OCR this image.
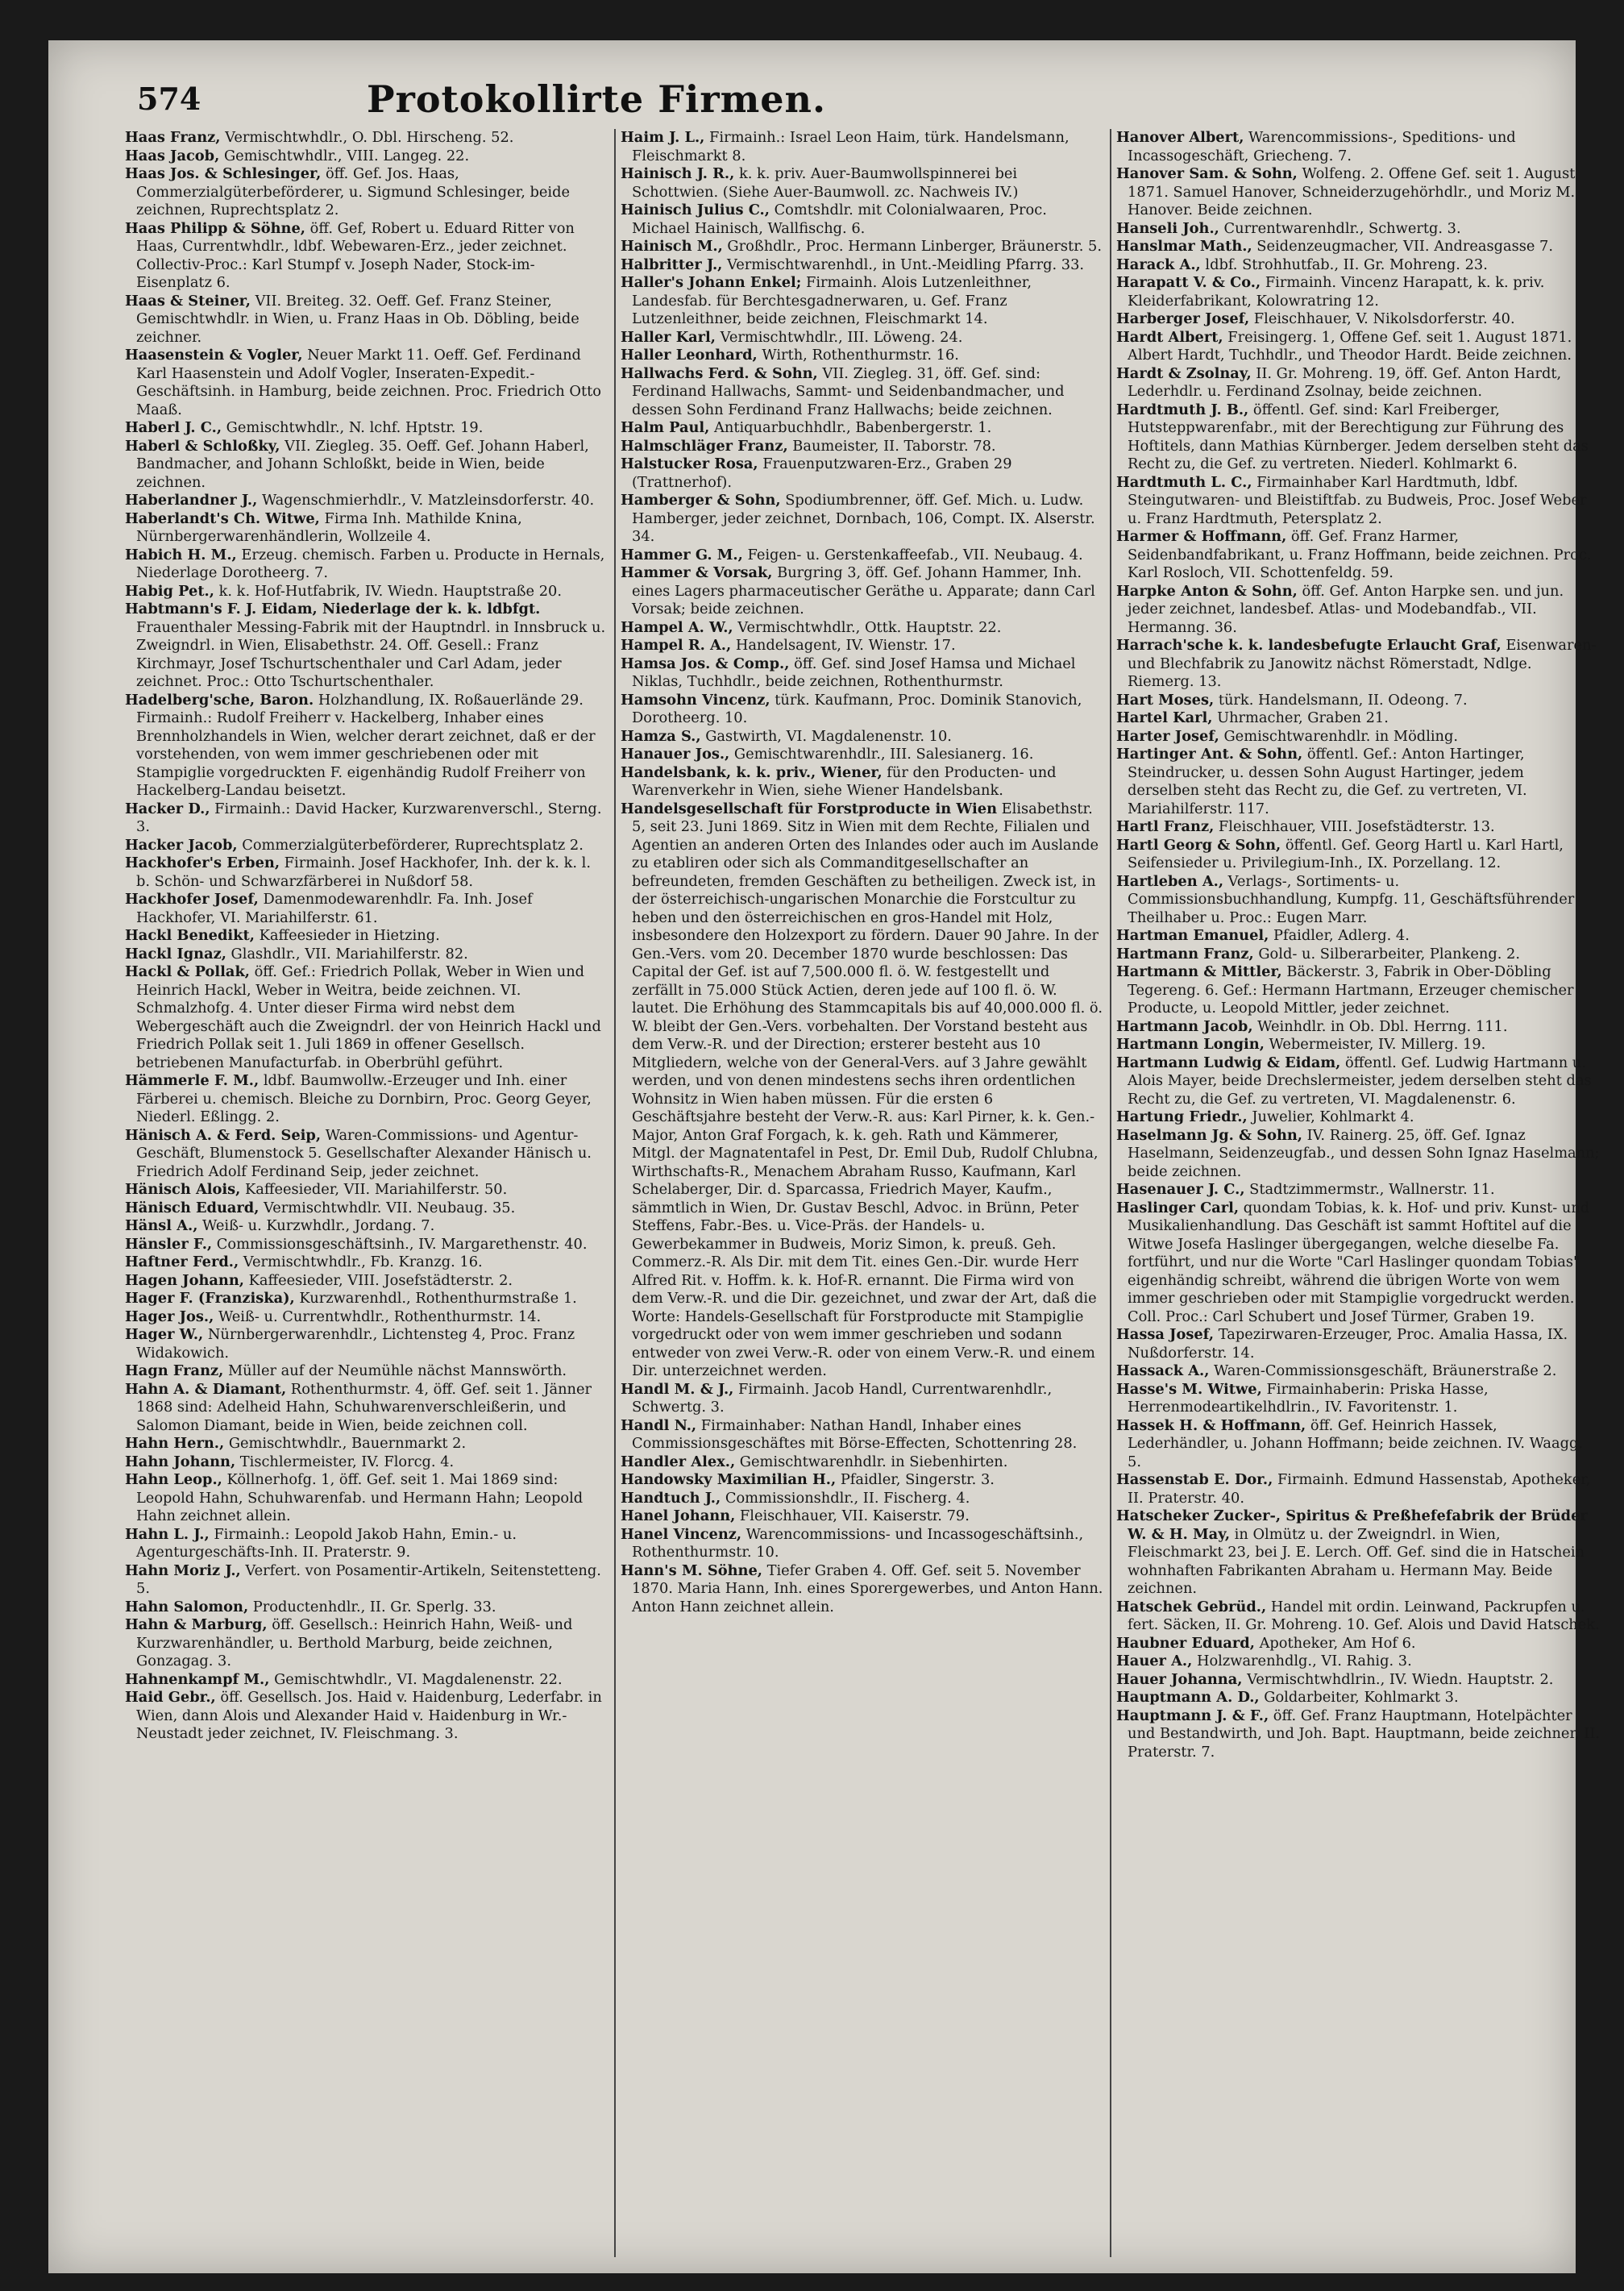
574	Protokollirte Firmen.
Haas Franz, Vermischtwhdlr., O. Dbl. Hirscheng. 52.
Haas Jacob, Gemischtwhdlr., VIII. Langeg. 22.
Haas Jos. & Schlesinger, öff. Gef. Jos. Haas, Commerzialgüterbeförderer, u. Sigmund Schlesinger, beide zeichnen, Ruprechtsplatz 2.
Haas Philipp & Söhne, öff. Gef, Robert u. Eduard Ritter von Haas, Currentwhdlr., ldbf. Webewaren-Erz., jeder zeichnet. Collectiv-Proc.: Karl Stumpf v. Joseph Nader, Stock-im-Eisenplatz 6.
Haas & Steiner, VII. Breiteg. 32. Oeff. Gef. Franz Steiner, Gemischtwhdlr. in Wien, u. Franz Haas in Ob. Döbling, beide zeichner.
Haasenstein & Vogler, Neuer Markt 11. Oeff. Gef. Ferdinand Karl Haasenstein und Adolf Vogler, Inseraten-Expedit.-Geschäftsinh. in Hamburg, beide zeichnen. Proc. Friedrich Otto Maaß.
Haberl J. C., Gemischtwhdlr., N. lchf. Hptstr. 19.
Haberl & Schloßky, VII. Ziegleg. 35. Oeff. Gef. Johann Haberl, Bandmacher, and Johann Schloßkt, beide in Wien, beide zeichnen.
Haberlandner J., Wagenschmierhdlr., V. Matzleinsdorferstr. 40.
Haberlandt's Ch. Witwe, Firma Inh. Mathilde Knina, Nürnbergerwarenhändlerin, Wollzeile 4.
Habich H. M., Erzeug. chemisch. Farben u. Producte in Hernals, Niederlage Dorotheerg. 7.
Habig Pet., k. k. Hof-Hutfabrik, IV. Wiedn. Hauptstraße 20.
Habtmann's F. J. Eidam, Niederlage der k. k. ldbfgt. Frauenthaler Messing-Fabrik mit der Hauptndrl. in Innsbruck u. Zweigndrl. in Wien, Elisabethstr. 24. Off. Gesell.: Franz Kirchmayr, Josef Tschurtschenthaler und Carl Adam, jeder zeichnet. Proc.: Otto Tschurtschenthaler.
Hadelberg'sche, Baron. Holzhandlung, IX. Roßauerlände 29. Firmainh.: Rudolf Freiherr v. Hackelberg, Inhaber eines Brennholzhandels in Wien, welcher derart zeichnet, daß er der vorstehenden, von wem immer geschriebenen oder mit Stampiglie vorgedruckten F. eigenhändig Rudolf Freiherr von Hackelberg-Landau beisetzt.
Hacker D., Firmainh.: David Hacker, Kurzwarenverschl., Sterng. 3.
Hacker Jacob, Commerzialgüterbeförderer, Ruprechtsplatz 2.
Hackhofer's Erben, Firmainh. Josef Hackhofer, Inh. der k. k. l. b. Schön- und Schwarzfärberei in Nußdorf 58.
Hackhofer Josef, Damenmodewarenhdlr. Fa. Inh. Josef Hackhofer, VI. Mariahilferstr. 61.
Hackl Benedikt, Kaffeesieder in Hietzing.
Hackl Ignaz, Glashdlr., VII. Mariahilferstr. 82.
Hackl & Pollak, öff. Gef.: Friedrich Pollak, Weber in Wien und Heinrich Hackl, Weber in Weitra, beide zeichnen. VI. Schmalzhofg. 4. Unter dieser Firma wird nebst dem Webergeschäft auch die Zweigndrl. der von Heinrich Hackl und Friedrich Pollak seit 1. Juli 1869 in offener Gesellsch. betriebenen Manufacturfab. in Oberbrühl geführt.
Hämmerle F. M., ldbf. Baumwollw.-Erzeuger und Inh. einer Färberei u. chemisch. Bleiche zu Dornbirn, Proc. Georg Geyer, Niederl. Eßlingg. 2.
Hänisch A. & Ferd. Seip, Waren-Commissions- und Agentur-Geschäft, Blumenstock 5. Gesellschafter Alexander Hänisch u. Friedrich Adolf Ferdinand Seip, jeder zeichnet.
Hänisch Alois, Kaffeesieder, VII. Mariahilferstr. 50.
Hänisch Eduard, Vermischtwhdlr. VII. Neubaug. 35.
Hänsl A., Weiß- u. Kurzwhdlr., Jordang. 7.
Hänsler F., Commissionsgeschäftsinh., IV. Margarethenstr. 40.
Haftner Ferd., Vermischtwhdlr., Fb. Kranzg. 16.
Hagen Johann, Kaffeesieder, VIII. Josefstädterstr. 2.
Hager F. (Franziska), Kurzwarenhdl., Rothenthurmstraße 1.
Hager Jos., Weiß- u. Currentwhdlr., Rothenthurmstr. 14.
Hager W., Nürnbergerwarenhdlr., Lichtensteg 4, Proc. Franz Widakowich.
Hagn Franz, Müller auf der Neumühle nächst Mannswörth.
Hahn A. & Diamant, Rothenthurmstr. 4, öff. Gef. seit 1. Jänner 1868 sind: Adelheid Hahn, Schuhwarenverschleißerin, und Salomon Diamant, beide in Wien, beide zeichnen coll.
Hahn Hern., Gemischtwhdlr., Bauernmarkt 2.
Hahn Johann, Tischlermeister, IV. Florcg. 4.
Hahn Leop., Köllnerhofg. 1, öff. Gef. seit 1. Mai 1869 sind: Leopold Hahn, Schuhwarenfab. und Hermann Hahn; Leopold Hahn zeichnet allein.
Hahn L. J., Firmainh.: Leopold Jakob Hahn, Emin.- u. Agenturgeschäfts-Inh. II. Praterstr. 9.
Hahn Moriz J., Verfert. von Posamentir-Artikeln, Seitenstetteng. 5.
Hahn Salomon, Productenhdlr., II. Gr. Sperlg. 33.
Hahn & Marburg, öff. Gesellsch.: Heinrich Hahn, Weiß- und Kurzwarenhändler, u. Berthold Marburg, beide zeichnen, Gonzagag. 3.
Hahnenkampf M., Gemischtwhdlr., VI. Magdalenenstr. 22.
Haid Gebr., öff. Gesellsch. Jos. Haid v. Haidenburg, Lederfabr. in Wien, dann Alois und Alexander Haid v. Haidenburg in Wr.-Neustadt jeder zeichnet, IV. Fleischmang. 3.
Haim J. L., Firmainh.: Israel Leon Haim, türk. Handelsmann, Fleischmarkt 8.
Hainisch J. R., k. k. priv. Auer-Baumwollspinnerei bei Schottwien. (Siehe Auer-Baumwoll. zc. Nachweis IV.)
Hainisch Julius C., Comtshdlr. mit Colonialwaaren, Proc. Michael Hainisch, Wallfischg. 6.
Hainisch M., Großhdlr., Proc. Hermann Linberger, Bräunerstr. 5.
Halbritter J., Vermischtwarenhdl., in Unt.-Meidling Pfarrg. 33.
Haller's Johann Enkel; Firmainh. Alois Lutzenleithner, Landesfab. für Berchtesgadnerwaren, u. Gef. Franz Lutzenleithner, beide zeichnen, Fleischmarkt 14.
Haller Karl, Vermischtwhdlr., III. Löweng. 24.
Haller Leonhard, Wirth, Rothenthurmstr. 16.
Hallwachs Ferd. & Sohn, VII. Ziegleg. 31, öff. Gef. sind: Ferdinand Hallwachs, Sammt- und Seidenbandmacher, und dessen Sohn Ferdinand Franz Hallwachs; beide zeichnen.
Halm Paul, Antiquarbuchhdlr., Babenbergerstr. 1.
Halmschläger Franz, Baumeister, II. Taborstr. 78.
Halstucker Rosa, Frauenputzwaren-Erz., Graben 29 (Trattnerhof).
Hamberger & Sohn, Spodiumbrenner, öff. Gef. Mich. u. Ludw. Hamberger, jeder zeichnet, Dornbach, 106, Compt. IX. Alserstr. 34.
Hammer G. M., Feigen- u. Gerstenkaffeefab., VII. Neubaug. 4.
Hammer & Vorsak, Burgring 3, öff. Gef. Johann Hammer, Inh. eines Lagers pharmaceutischer Geräthe u. Apparate; dann Carl Vorsak; beide zeichnen.
Hampel A. W., Vermischtwhdlr., Ottk. Hauptstr. 22.
Hampel R. A., Handelsagent, IV. Wienstr. 17.
Hamsa Jos. & Comp., öff. Gef. sind Josef Hamsa und Michael Niklas, Tuchhdlr., beide zeichnen, Rothenthurmstr.
Hamsohn Vincenz, türk. Kaufmann, Proc. Dominik Stanovich, Dorotheerg. 10.
Hamza S., Gastwirth, VI. Magdalenenstr. 10.
Hanauer Jos., Gemischtwarenhdlr., III. Salesianerg. 16.
Handelsbank, k. k. priv., Wiener, für den Producten- und Warenverkehr in Wien, siehe Wiener Handelsbank.
Handelsgesellschaft für Forstproducte in Wien Elisabethstr. 5, seit 23. Juni 1869. Sitz in Wien mit dem Rechte, Filialen und Agentien an anderen Orten des Inlandes oder auch im Auslande zu etabliren oder sich als Commanditgesellschafter an befreundeten, fremden Geschäften zu betheiligen. Zweck ist, in der österreichisch-ungarischen Monarchie die Forstcultur zu heben und den österreichischen en gros-Handel mit Holz, insbesondere den Holzexport zu fördern. Dauer 90 Jahre. In der Gen.-Vers. vom 20. December 1870 wurde beschlossen: Das Capital der Gef. ist auf 7,500.000 fl. ö. W. festgestellt und zerfällt in 75.000 Stück Actien, deren jede auf 100 fl. ö. W. lautet. Die Erhöhung des Stammcapitals bis auf 40,000.000 fl. ö. W. bleibt der Gen.-Vers. vorbehalten. Der Vorstand besteht aus dem Verw.-R. und der Direction; ersterer besteht aus 10 Mitgliedern, welche von der General-Vers. auf 3 Jahre gewählt werden, und von denen mindestens sechs ihren ordentlichen Wohnsitz in Wien haben müssen. Für die ersten 6 Geschäftsjahre besteht der Verw.-R. aus: Karl Pirner, k. k. Gen.-Major, Anton Graf Forgach, k. k. geh. Rath und Kämmerer, Mitgl. der Magnatentafel in Pest, Dr. Emil Dub, Rudolf Chlubna, Wirthschafts-R., Menachem Abraham Russo, Kaufmann, Karl Schelaberger, Dir. d. Sparcassa, Friedrich Mayer, Kaufm., sämmtlich in Wien, Dr. Gustav Beschl, Advoc. in Brünn, Peter Steffens, Fabr.-Bes. u. Vice-Präs. der Handels- u. Gewerbekammer in Budweis, Moriz Simon, k. preuß. Geh. Commerz.-R. Als Dir. mit dem Tit. eines Gen.-Dir. wurde Herr Alfred Rit. v. Hoffm. k. k. Hof-R. ernannt. Die Firma wird von dem Verw.-R. und die Dir. gezeichnet, und zwar der Art, daß die Worte: Handels-Gesellschaft für Forstproducte mit Stampiglie vorgedruckt oder von wem immer geschrieben und sodann entweder von zwei Verw.-R. oder von einem Verw.-R. und einem Dir. unterzeichnet werden.
Handl M. & J., Firmainh. Jacob Handl, Currentwarenhdlr., Schwertg. 3.
Handl N., Firmainhaber: Nathan Handl, Inhaber eines Commissionsgeschäftes mit Börse-Effecten, Schottenring 28.
Handler Alex., Gemischtwarenhdlr. in Siebenhirten.
Handowsky Maximilian H., Pfaidler, Singerstr. 3.
Handtuch J., Commissionshdlr., II. Fischerg. 4.
Hanel Johann, Fleischhauer, VII. Kaiserstr. 79.
Hanel Vincenz, Warencommissions- und Incassogeschäftsinh., Rothenthurmstr. 10.
Hann's M. Söhne, Tiefer Graben 4. Off. Gef. seit 5. November 1870. Maria Hann, Inh. eines Sporergewerbes, und Anton Hann. Anton Hann zeichnet allein.
Hanover Albert, Warencommissions-, Speditions- und Incassogeschäft, Griecheng. 7.
Hanover Sam. & Sohn, Wolfeng. 2. Offene Gef. seit 1. August 1871. Samuel Hanover, Schneiderzugehörhdlr., und Moriz M. Hanover. Beide zeichnen.
Hanseli Joh., Currentwarenhdlr., Schwertg. 3.
Hanslmar Math., Seidenzeugmacher, VII. Andreasgasse 7.
Harack A., ldbf. Strohhutfab., II. Gr. Mohreng. 23.
Harapatt V. & Co., Firmainh. Vincenz Harapatt, k. k. priv. Kleiderfabrikant, Kolowratring 12.
Harberger Josef, Fleischhauer, V. Nikolsdorferstr. 40.
Hardt Albert, Freisingerg. 1, Offene Gef. seit 1. August 1871. Albert Hardt, Tuchhdlr., und Theodor Hardt. Beide zeichnen.
Hardt & Zsolnay, II. Gr. Mohreng. 19, öff. Gef. Anton Hardt, Lederhdlr. u. Ferdinand Zsolnay, beide zeichnen.
Hardtmuth J. B., öffentl. Gef. sind: Karl Freiberger, Hutsteppwarenfabr., mit der Berechtigung zur Führung des Hoftitels, dann Mathias Kürnberger. Jedem derselben steht das Recht zu, die Gef. zu vertreten. Niederl. Kohlmarkt 6.
Hardtmuth L. C., Firmainhaber Karl Hardtmuth, ldbf. Steingutwaren- und Bleistiftfab. zu Budweis, Proc. Josef Weber u. Franz Hardtmuth, Petersplatz 2.
Harmer & Hoffmann, öff. Gef. Franz Harmer, Seidenbandfabrikant, u. Franz Hoffmann, beide zeichnen. Proc. Karl Rosloch, VII. Schottenfeldg. 59.
Harpke Anton & Sohn, öff. Gef. Anton Harpke sen. und jun. jeder zeichnet, landesbef. Atlas- und Modebandfab., VII. Hermanng. 36.
Harrach'sche k. k. landesbefugte Erlaucht Graf, Eisenwaren- und Blechfabrik zu Janowitz nächst Römerstadt, Ndlge. Riemerg. 13.
Hart Moses, türk. Handelsmann, II. Odeong. 7.
Hartel Karl, Uhrmacher, Graben 21.
Harter Josef, Gemischtwarenhdlr. in Mödling.
Hartinger Ant. & Sohn, öffentl. Gef.: Anton Hartinger, Steindrucker, u. dessen Sohn August Hartinger, jedem derselben steht das Recht zu, die Gef. zu vertreten, VI. Mariahilferstr. 117.
Hartl Franz, Fleischhauer, VIII. Josefstädterstr. 13.
Hartl Georg & Sohn, öffentl. Gef. Georg Hartl u. Karl Hartl, Seifensieder u. Privilegium-Inh., IX. Porzellang. 12.
Hartleben A., Verlags-, Sortiments- u. Commissionsbuchhandlung, Kumpfg. 11, Geschäftsführender Theilhaber u. Proc.: Eugen Marr.
Hartman Emanuel, Pfaidler, Adlerg. 4.
Hartmann Franz, Gold- u. Silberarbeiter, Plankeng. 2.
Hartmann & Mittler, Bäckerstr. 3, Fabrik in Ober-Döbling Tegereng. 6. Gef.: Hermann Hartmann, Erzeuger chemischer Producte, u. Leopold Mittler, jeder zeichnet.
Hartmann Jacob, Weinhdlr. in Ob. Dbl. Herrng. 111.
Hartmann Longin, Webermeister, IV. Millerg. 19.
Hartmann Ludwig & Eidam, öffentl. Gef. Ludwig Hartmann u. Alois Mayer, beide Drechslermeister, jedem derselben steht das Recht zu, die Gef. zu vertreten, VI. Magdalenenstr. 6.
Hartung Friedr., Juwelier, Kohlmarkt 4.
Haselmann Jg. & Sohn, IV. Rainerg. 25, öff. Gef. Ignaz Haselmann, Seidenzeugfab., und dessen Sohn Ignaz Haselmann; beide zeichnen.
Hasenauer J. C., Stadtzimmermstr., Wallnerstr. 11.
Haslinger Carl, quondam Tobias, k. k. Hof- und priv. Kunst- und Musikalienhandlung. Das Geschäft ist sammt Hoftitel auf die Witwe Josefa Haslinger übergegangen, welche dieselbe Fa. fortführt, und nur die Worte "Carl Haslinger quondam Tobias" eigenhändig schreibt, während die übrigen Worte von wem immer geschrieben oder mit Stampiglie vorgedruckt werden. Coll. Proc.: Carl Schubert und Josef Türmer, Graben 19.
Hassa Josef, Tapezirwaren-Erzeuger, Proc. Amalia Hassa, IX. Nußdorferstr. 14.
Hassack A., Waren-Commissionsgeschäft, Bräunerstraße 2.
Hasse's M. Witwe, Firmainhaberin: Priska Hasse, Herrenmodeartikelhdlrin., IV. Favoritenstr. 1.
Hassek H. & Hoffmann, öff. Gef. Heinrich Hassek, Lederhändler, u. Johann Hoffmann; beide zeichnen. IV. Waagg. 5.
Hassenstab E. Dor., Firmainh. Edmund Hassenstab, Apotheker, II. Praterstr. 40.
Hatscheker Zucker-, Spiritus & Preßhefefabrik der Brüder W. & H. May, in Olmütz u. der Zweigndrl. in Wien, Fleischmarkt 23, bei J. E. Lerch. Off. Gef. sind die in Hatschein wohnhaften Fabrikanten Abraham u. Hermann May. Beide zeichnen.
Hatschek Gebrüd., Handel mit ordin. Leinwand, Packrupfen u. fert. Säcken, II. Gr. Mohreng. 10. Gef. Alois und David Hatschek.
Haubner Eduard, Apotheker, Am Hof 6.
Hauer A., Holzwarenhdlg., VI. Rahig. 3.
Hauer Johanna, Vermischtwhdlrin., IV. Wiedn. Hauptstr. 2.
Hauptmann A. D., Goldarbeiter, Kohlmarkt 3.
Hauptmann J. & F., öff. Gef. Franz Hauptmann, Hotelpächter und Bestandwirth, und Joh. Bapt. Hauptmann, beide zeichner, II. Praterstr. 7.
